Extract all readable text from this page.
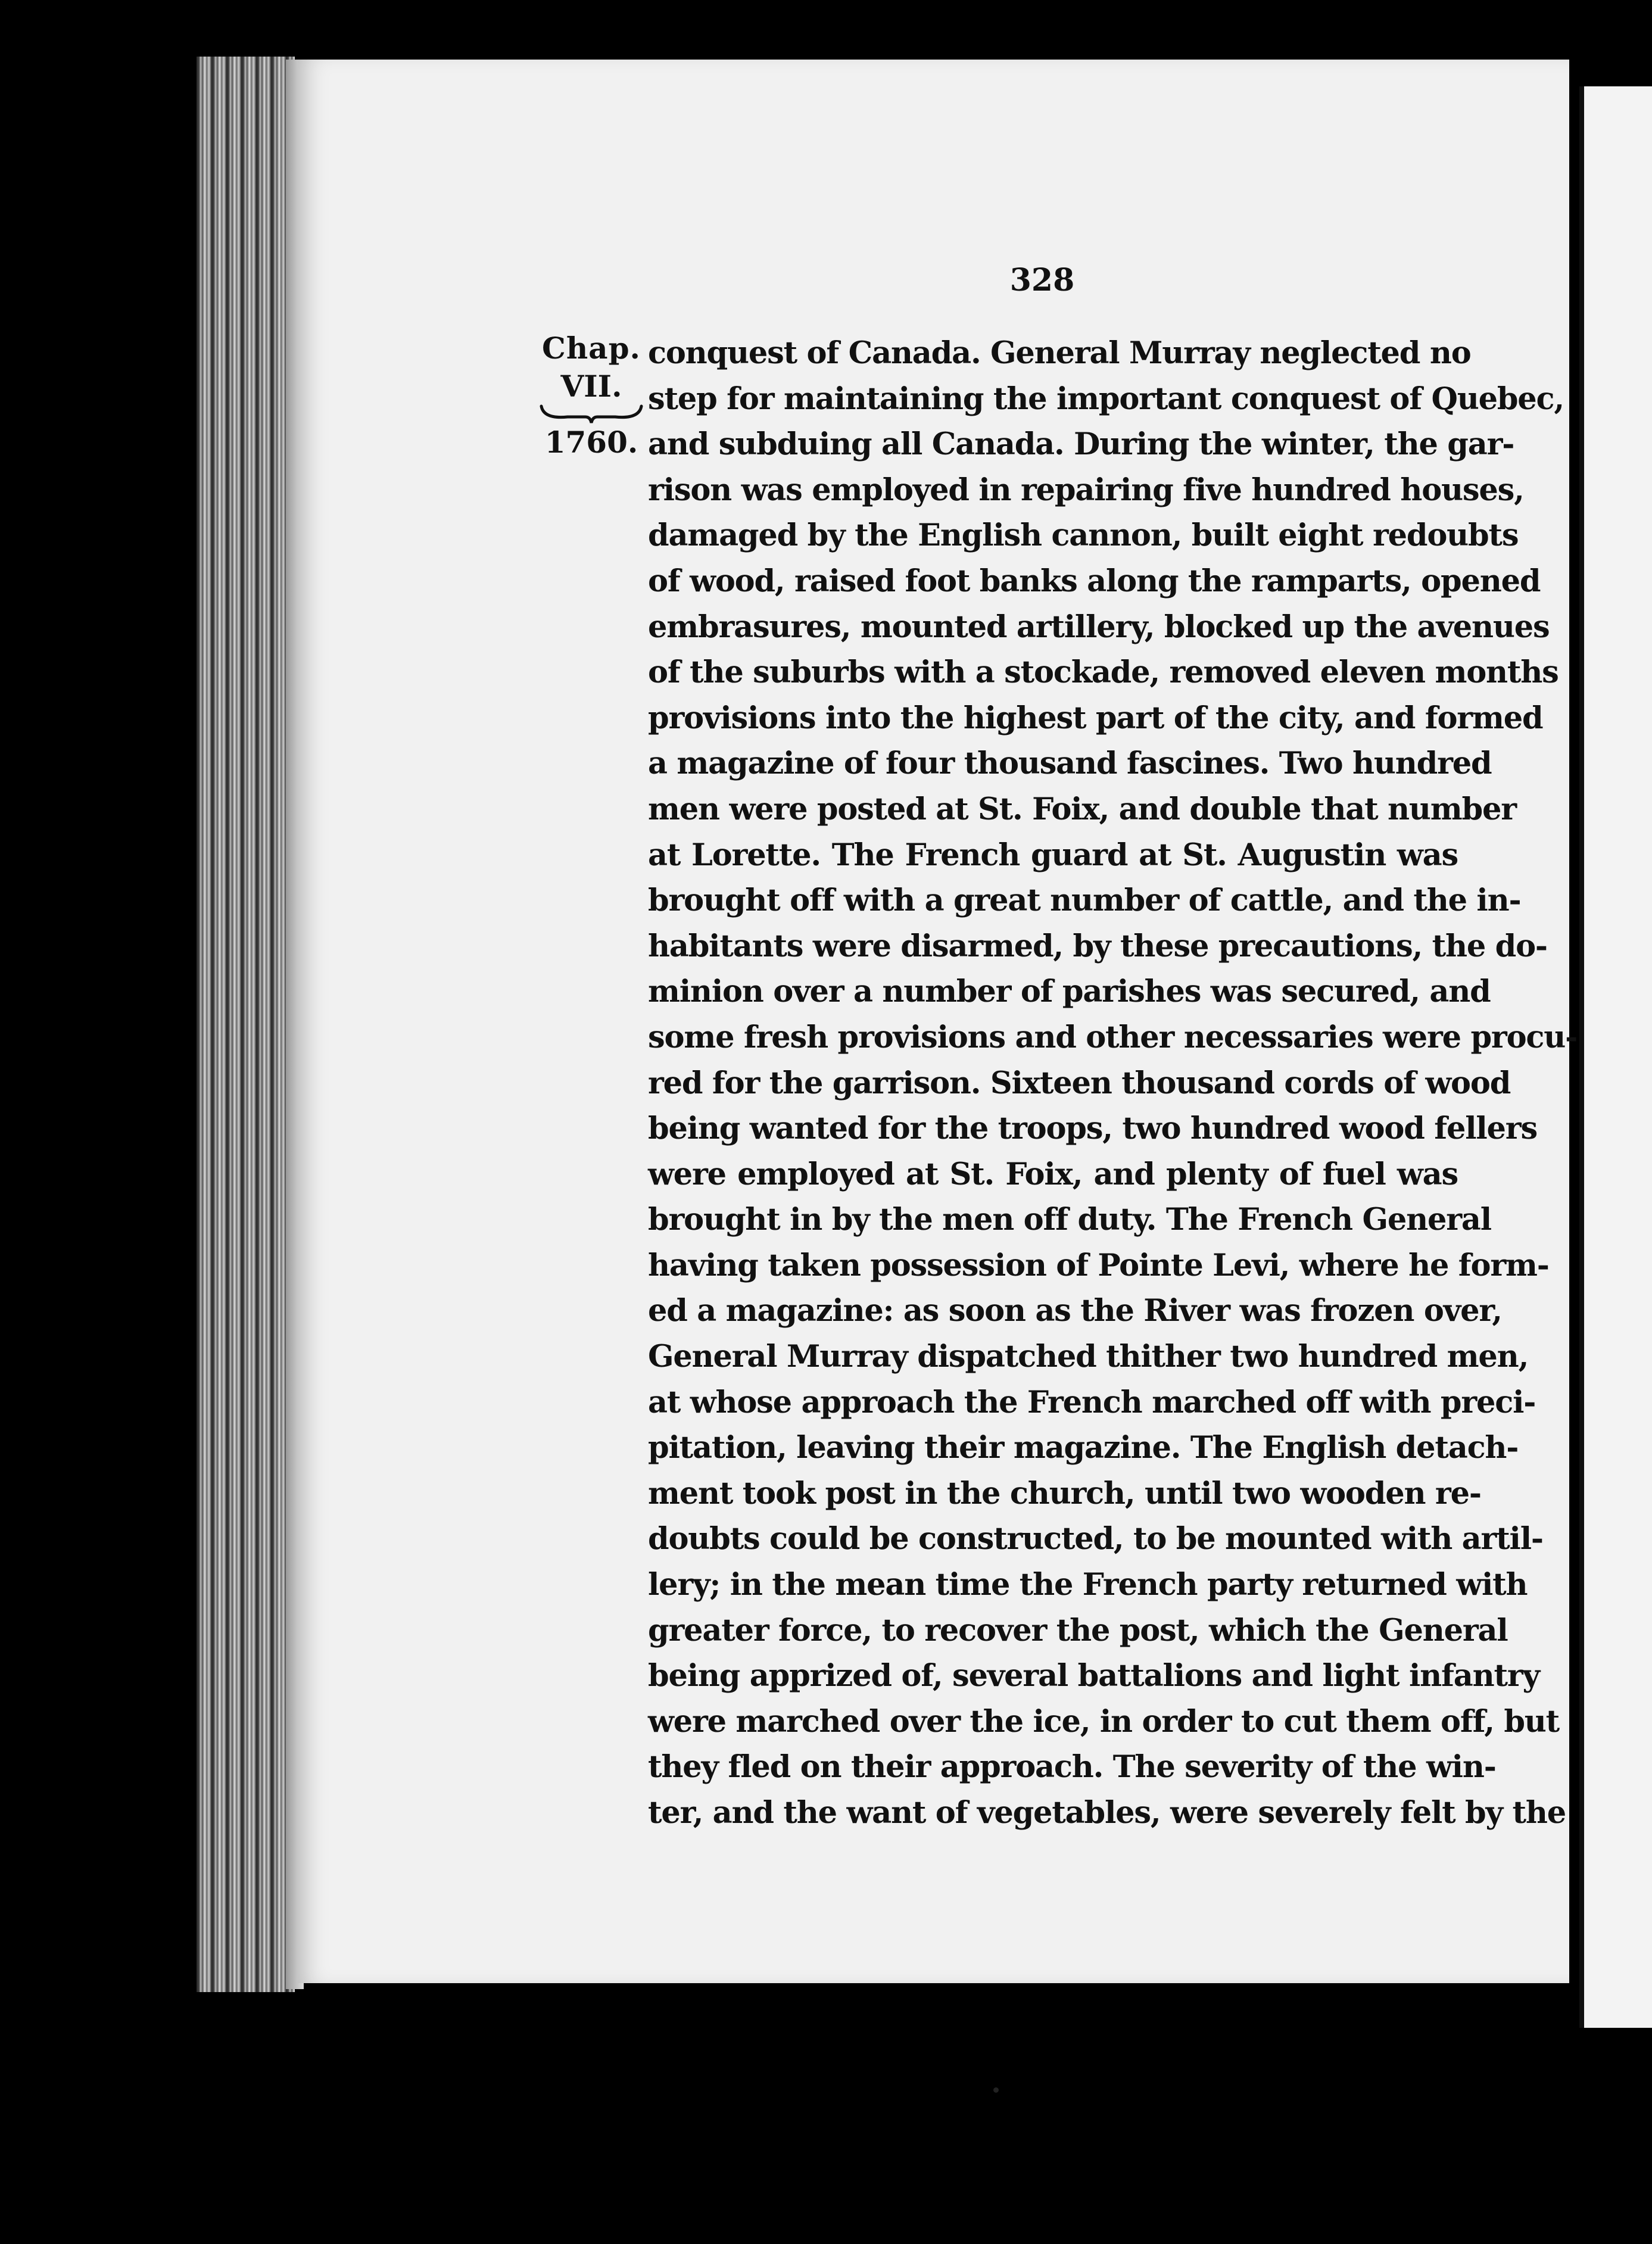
328
Chap.
VII.
1760.
conquest of Canada. General Murray neglected no
step for maintaining the important conquest of Quebec,
and subduing all Canada. During the winter, the gar-
rison was employed in repairing five hundred houses,
damaged by the English cannon, built eight redoubts
of wood, raised foot banks along the ramparts, opened
embrasures, mounted artillery, blocked up the avenues
of the suburbs with a stockade, removed eleven months
provisions into the highest part of the city, and formed
a magazine of four thousand fascines. Two hundred
men were posted at St. Foix, and double that number
at Lorette. The French guard at St. Augustin was
brought off with a great number of cattle, and the in-
habitants were disarmed, by these precautions, the do-
minion over a number of parishes was secured, and
some fresh provisions and other necessaries were procu-
red for the garrison. Sixteen thousand cords of wood
being wanted for the troops, two hundred wood fellers
were employed at St. Foix, and plenty of fuel was
brought in by the men off duty. The French General
having taken possession of Pointe Levi, where he form-
ed a magazine: as soon as the River was frozen over,
General Murray dispatched thither two hundred men,
at whose approach the French marched off with preci-
pitation, leaving their magazine. The English detach-
ment took post in the church, until two wooden re-
doubts could be constructed, to be mounted with artil-
lery; in the mean time the French party returned with
greater force, to recover the post, which the General
being apprized of, several battalions and light infantry
were marched over the ice, in order to cut them off, but
they fled on their approach. The severity of the win-
ter, and the want of vegetables, were severely felt by the
